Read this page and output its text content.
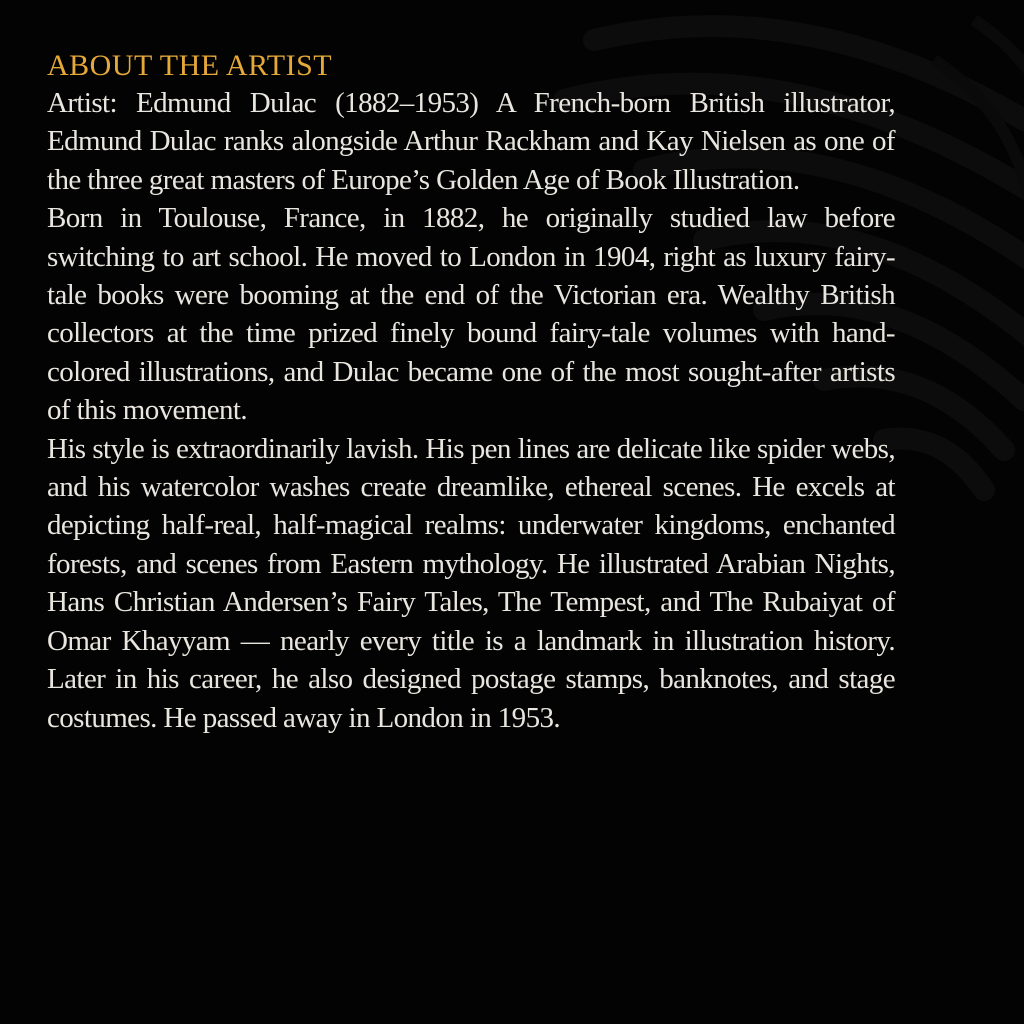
ABOUT THE ARTIST

Artist: Edmund Dulac (1882–1953) A French-born British illustrator, Edmund Dulac ranks alongside Arthur Rackham and Kay Nielsen as one of the three great masters of Europe’s Golden Age of Book Illustration.

Born in Toulouse, France, in 1882, he originally studied law before switching to art school. He moved to London in 1904, right as luxury fairy-tale books were booming at the end of the Victorian era. Wealthy British collectors at the time prized finely bound fairy-tale volumes with hand-colored illustrations, and Dulac became one of the most sought-after artists of this movement.

His style is extraordinarily lavish. His pen lines are delicate like spider webs, and his watercolor washes create dreamlike, ethereal scenes. He excels at depicting half-real, half-magical realms: underwater kingdoms, enchanted forests, and scenes from Eastern mythology. He illustrated Arabian Nights, Hans Christian Andersen’s Fairy Tales, The Tempest, and The Rubaiyat of Omar Khayyam — nearly every title is a landmark in illustration history. Later in his career, he also designed postage stamps, banknotes, and stage costumes. He passed away in London in 1953.
